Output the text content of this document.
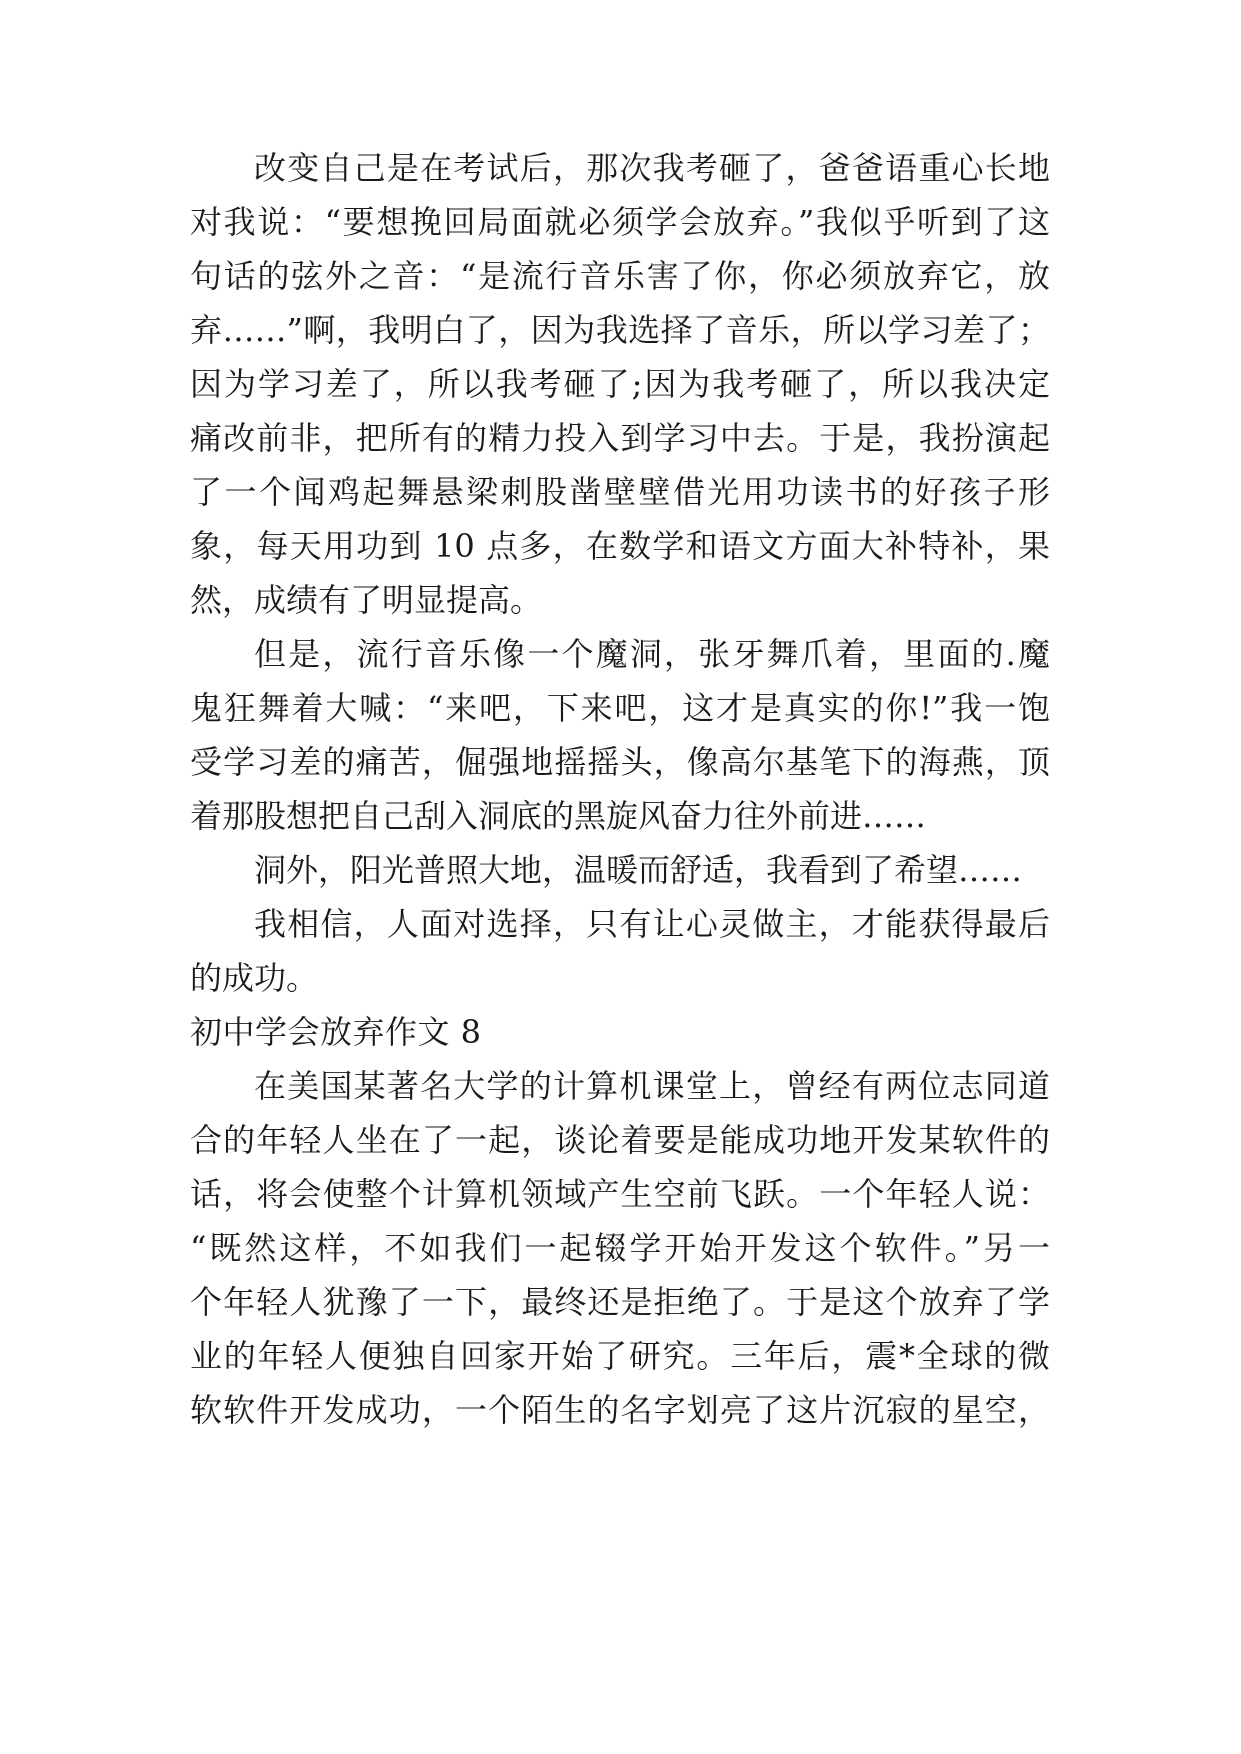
改变自己是在考试后，那次我考砸了，爸爸语重心长地
对我说：“要想挽回局面就必须学会放弃。”我似乎听到了这
句话的弦外之音：“是流行音乐害了你，你必须放弃它，放
弃……”啊，我明白了，因为我选择了音乐，所以学习差了；
因为学习差了，所以我考砸了;因为我考砸了，所以我决定
痛改前非，把所有的精力投入到学习中去。于是，我扮演起
了一个闻鸡起舞悬梁刺股凿壁壁借光用功读书的好孩子形
象，每天用功到 10 点多，在数学和语文方面大补特补，果
然，成绩有了明显提高。
但是，流行音乐像一个魔洞，张牙舞爪着，里面的.魔
鬼狂舞着大喊：“来吧，下来吧，这才是真实的你!”我一饱
受学习差的痛苦，倔强地摇摇头，像高尔基笔下的海燕，顶
着那股想把自己刮入洞底的黑旋风奋力往外前进……
洞外，阳光普照大地，温暖而舒适，我看到了希望……
我相信，人面对选择，只有让心灵做主，才能获得最后
的成功。
初中学会放弃作文 8
在美国某著名大学的计算机课堂上，曾经有两位志同道
合的年轻人坐在了一起，谈论着要是能成功地开发某软件的
话，将会使整个计算机领域产生空前飞跃。一个年轻人说：
“既然这样，不如我们一起辍学开始开发这个软件。”另一
个年轻人犹豫了一下，最终还是拒绝了。于是这个放弃了学
业的年轻人便独自回家开始了研究。三年后，震*全球的微
软软件开发成功，一个陌生的名字划亮了这片沉寂的星空，
